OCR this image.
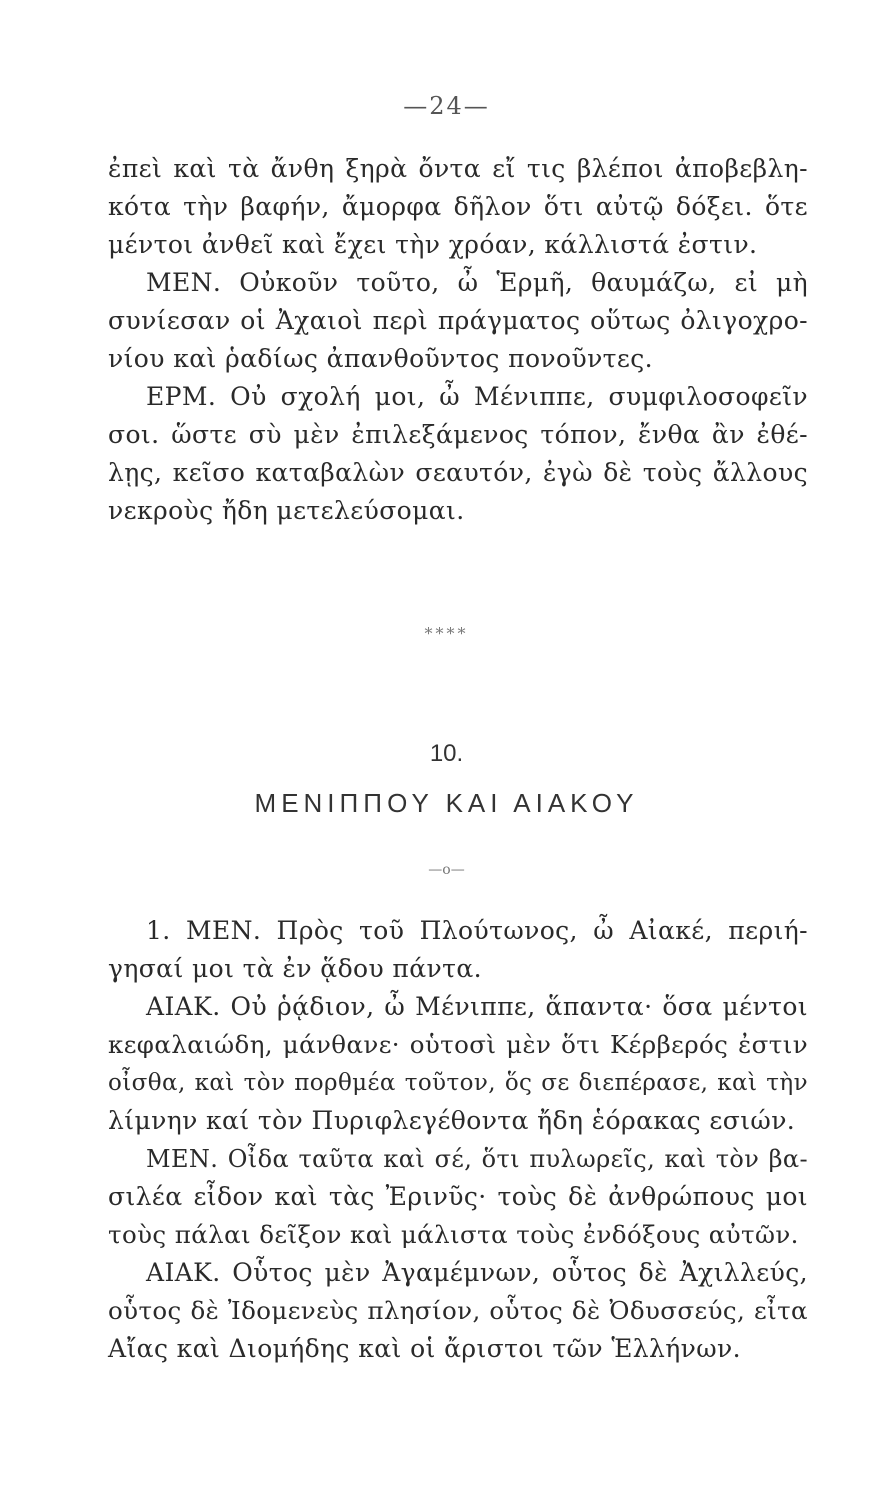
—24—
ἐπεὶ καὶ τὰ ἄνθη ξηρὰ ὄντα εἴ τις βλέποι ἀποβεβλη-
κότα τὴν βαφήν, ἄμορφα δῆλον ὅτι αὐτῷ δόξει. ὅτε
μέντοι ἀνθεῖ καὶ ἔχει τὴν χρόαν, κάλλιστά ἐστιν.
ΜΕΝ. Οὐκοῦν τοῦτο, ὦ Ἑρμῆ, θαυμάζω, εἰ μὴ
συνίεσαν οἱ Ἀχαιοὶ περὶ πράγματος οὕτως ὀλιγοχρο-
νίου καὶ ῥαδίως ἀπανθοῦντος πονοῦντες.
ΕΡΜ. Οὐ σχολή μοι, ὦ Μένιππε, συμφιλοσοφεῖν
σοι. ὥστε σὺ μὲν ἐπιλεξάμενος τόπον, ἔνθα ἂν ἐθέ-
λῃς, κεῖσο καταβαλὼν σεαυτόν, ἐγὼ δὲ τοὺς ἄλλους
νεκροὺς ἤδη μετελεύσομαι.
****
10.
ΜΕΝΙΠΠΟΥ ΚΑΙ ΑΙΑΚΟΥ
—ο—
1. ΜΕΝ. Πρὸς τοῦ Πλούτωνος, ὦ Αἰακέ, περιή-
γησαί μοι τὰ ἐν ᾅδου πάντα.
ΑΙΑΚ. Οὐ ῥᾴδιον, ὦ Μένιππε, ἅπαντα· ὅσα μέντοι
κεφαλαιώδη, μάνθανε· οὑτοσὶ μὲν ὅτι Κέρβερός ἐστιν
οἶσθα, καὶ τὸν πορθμέα τοῦτον, ὅς σε διεπέρασε, καὶ τὴν
λίμνην καί τὸν Πυριφλεγέθοντα ἤδη ἑόρακας εσιών.
ΜΕΝ. Οἶδα ταῦτα καὶ σέ, ὅτι πυλωρεῖς, καὶ τὸν βα-
σιλέα εἶδον καὶ τὰς Ἐρινῦς· τοὺς δὲ ἀνθρώπους μοι
τοὺς πάλαι δεῖξον καὶ μάλιστα τοὺς ἐνδόξους αὐτῶν.
ΑΙΑΚ. Οὗτος μὲν Ἀγαμέμνων, οὗτος δὲ Ἀχιλλεύς,
οὗτος δὲ Ἰδομενεὺς πλησίον, οὗτος δὲ Ὀδυσσεύς, εἶτα
Αἴας καὶ Διομήδης καὶ οἱ ἄριστοι τῶν Ἑλλήνων.
